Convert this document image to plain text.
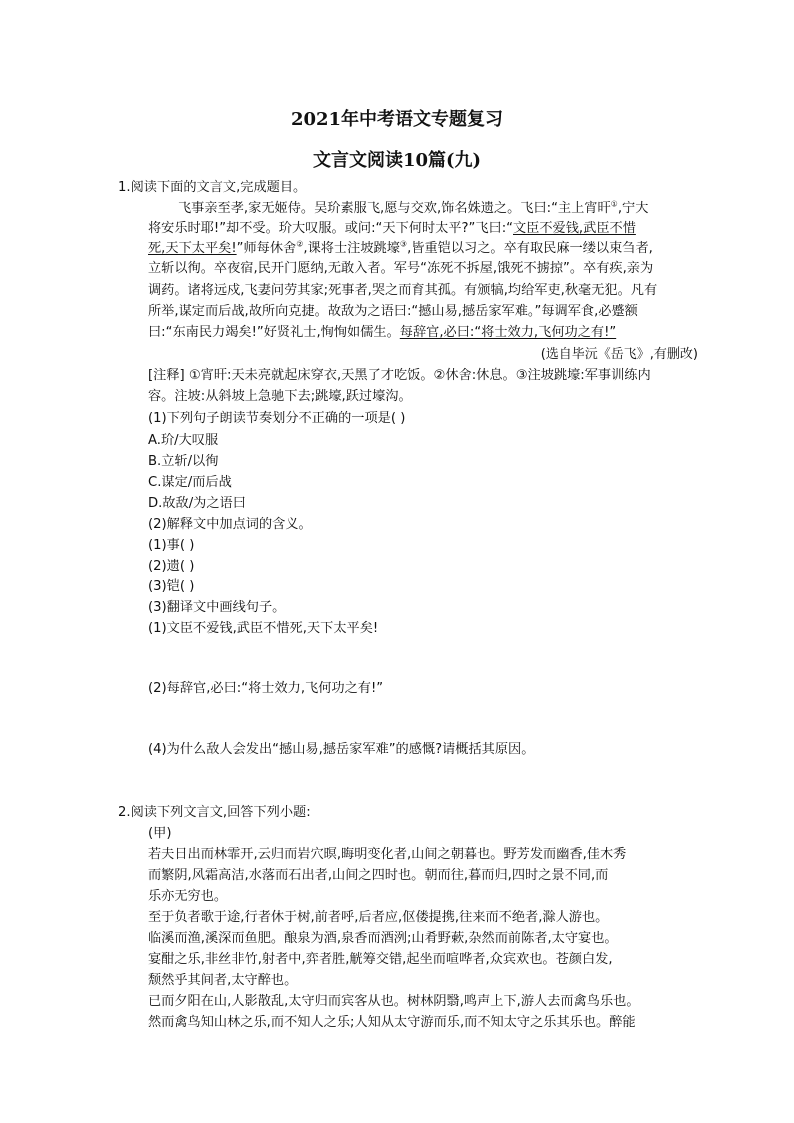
2021年中考语文专题复习
文言文阅读10篇(九)
1.阅读下面的文言文,完成题目。
飞事亲至孝,家无姬侍。吴玠素服飞,愿与交欢,饰名姝遗之。飞曰:“主上宵旰①,宁大
将安乐时耶!”却不受。玠大叹服。或问:“天下何时太平?”飞曰:“文臣不爱钱,武臣不惜
死,天下太平矣!”师每休舍②,课将士注坡跳壕③,皆重铠以习之。卒有取民麻一缕以束刍者,
立斩以徇。卒夜宿,民开门愿纳,无敢入者。军号“冻死不拆屋,饿死不掳掠”。卒有疾,亲为
调药。诸将远戍,飞妻问劳其家;死事者,哭之而育其孤。有颁犒,均给军吏,秋毫无犯。凡有
所举,谋定而后战,故所向克捷。故敌为之语曰:“撼山易,撼岳家军难。”每调军食,必蹙额
曰:“东南民力竭矣!”好贤礼士,恂恂如儒生。每辞官,必曰:“将士效力,飞何功之有!”
(选自毕沅《岳飞》,有删改)
[注释] ①宵旰:天未亮就起床穿衣,天黑了才吃饭。②休舍:休息。③注坡跳壕:军事训练内
容。注坡:从斜坡上急驰下去;跳壕,跃过壕沟。
(1)下列句子朗读节奏划分不正确的一项是( )
A.玠/大叹服
B.立斩/以徇
C.谋定/而后战
D.故敌/为之语曰
(2)解释文中加点词的含义。
(1)事( )
(2)遗( )
(3)铠( )
(3)翻译文中画线句子。
(1)文臣不爱钱,武臣不惜死,天下太平矣!
(2)每辞官,必曰:“将士效力,飞何功之有!”
(4)为什么敌人会发出“撼山易,撼岳家军难”的感慨?请概括其原因。
2.阅读下列文言文,回答下列小题:
(甲)
若夫日出而林霏开,云归而岩穴暝,晦明变化者,山间之朝暮也。野芳发而幽香,佳木秀
而繁阴,风霜高洁,水落而石出者,山间之四时也。朝而往,暮而归,四时之景不同,而
乐亦无穷也。
至于负者歌于途,行者休于树,前者呼,后者应,伛偻提携,往来而不绝者,滁人游也。
临溪而渔,溪深而鱼肥。酿泉为酒,泉香而酒洌;山肴野蔌,杂然而前陈者,太守宴也。
宴酣之乐,非丝非竹,射者中,弈者胜,觥筹交错,起坐而喧哗者,众宾欢也。苍颜白发,
颓然乎其间者,太守醉也。
已而夕阳在山,人影散乱,太守归而宾客从也。树林阴翳,鸣声上下,游人去而禽鸟乐也。
然而禽鸟知山林之乐,而不知人之乐;人知从太守游而乐,而不知太守之乐其乐也。醉能
